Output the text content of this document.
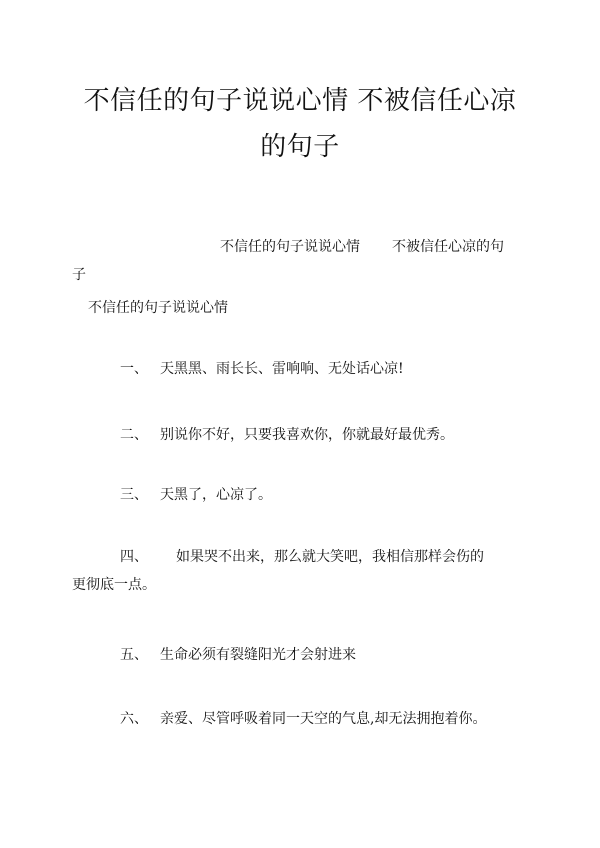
不信任的句子说说心情 不被信任心凉
的句子
不信任的句子说说心情 不被信任心凉的句
子
不信任的句子说说心情
一、 天黑黑、雨长长、雷响响、无处话心凉!
二、 别说你不好，只要我喜欢你，你就最好最优秀。
三、 天黑了，心凉了。
四、 如果哭不出来，那么就大笑吧，我相信那样会伤的
更彻底一点。
五、 生命必须有裂缝阳光才会射进来
六、 亲爱、尽管呼吸着同一天空的气息,却无法拥抱着你。
